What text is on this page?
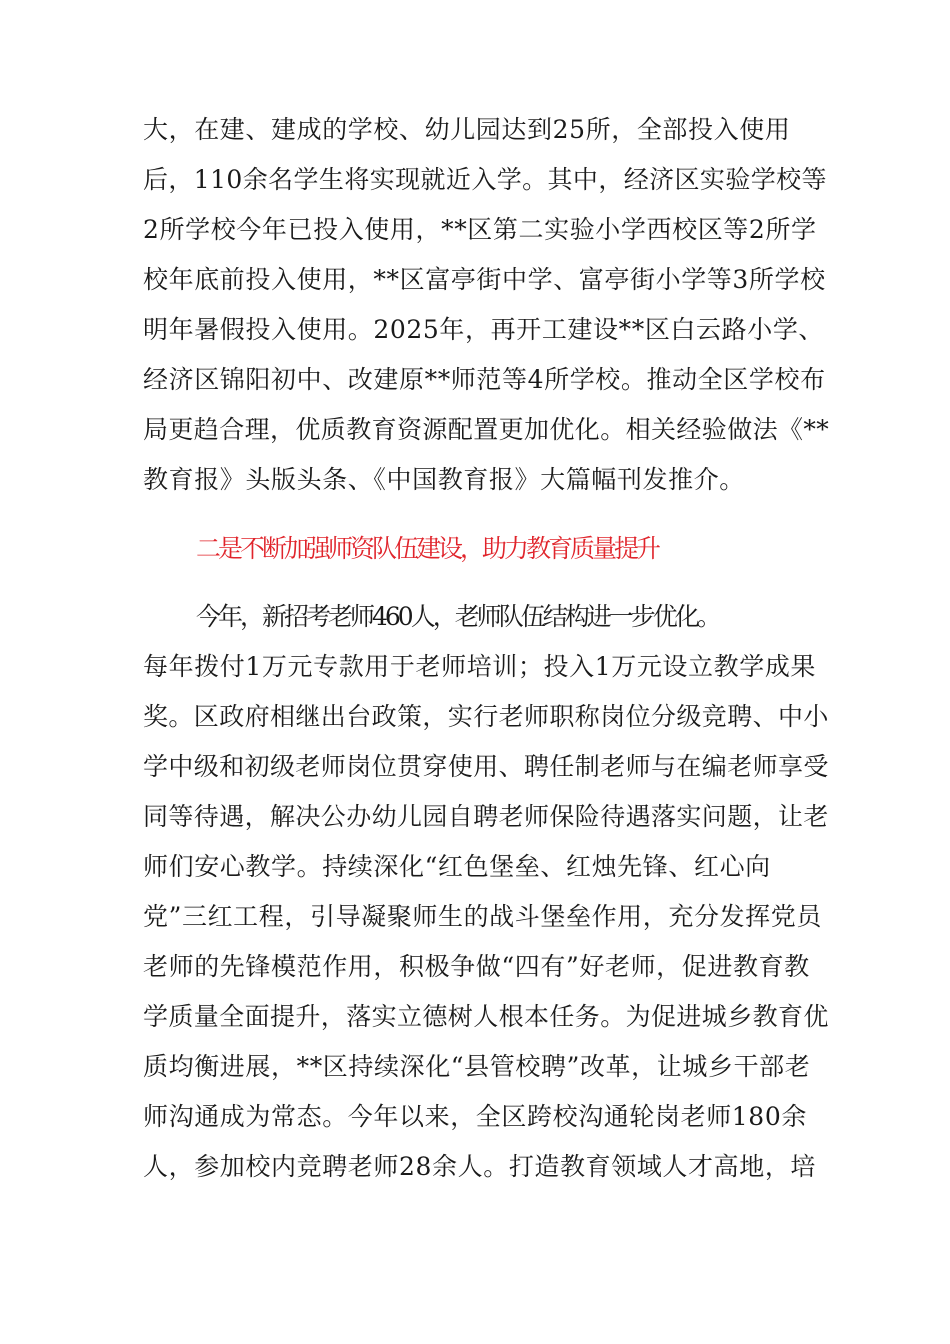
大，在建、建成的学校、幼儿园达到25所，全部投入使用
后，110余名学生将实现就近入学。其中，经济区实验学校等
2所学校今年已投入使用，**区第二实验小学西校区等2所学
校年底前投入使用，**区富亭街中学、富亭街小学等3所学校
明年暑假投入使用。2025年，再开工建设**区白云路小学、
经济区锦阳初中、改建原**师范等4所学校。推动全区学校布
局更趋合理，优质教育资源配置更加优化。相关经验做法《**
教育报》头版头条、《中国教育报》大篇幅刊发推介。
二是不断加强师资队伍建设，助力教育质量提升
今年，新招考老师460人，老师队伍结构进一步优化。
每年拨付1万元专款用于老师培训；投入1万元设立教学成果
奖。区政府相继出台政策，实行老师职称岗位分级竞聘、中小
学中级和初级老师岗位贯穿使用、聘任制老师与在编老师享受
同等待遇，解决公办幼儿园自聘老师保险待遇落实问题，让老
师们安心教学。持续深化“红色堡垒、红烛先锋、红心向
党”三红工程，引导凝聚师生的战斗堡垒作用，充分发挥党员
老师的先锋模范作用，积极争做“四有”好老师，促进教育教
学质量全面提升，落实立德树人根本任务。为促进城乡教育优
质均衡进展，**区持续深化“县管校聘”改革，让城乡干部老
师沟通成为常态。今年以来，全区跨校沟通轮岗老师180余
人，参加校内竞聘老师28余人。打造教育领域人才高地，培
